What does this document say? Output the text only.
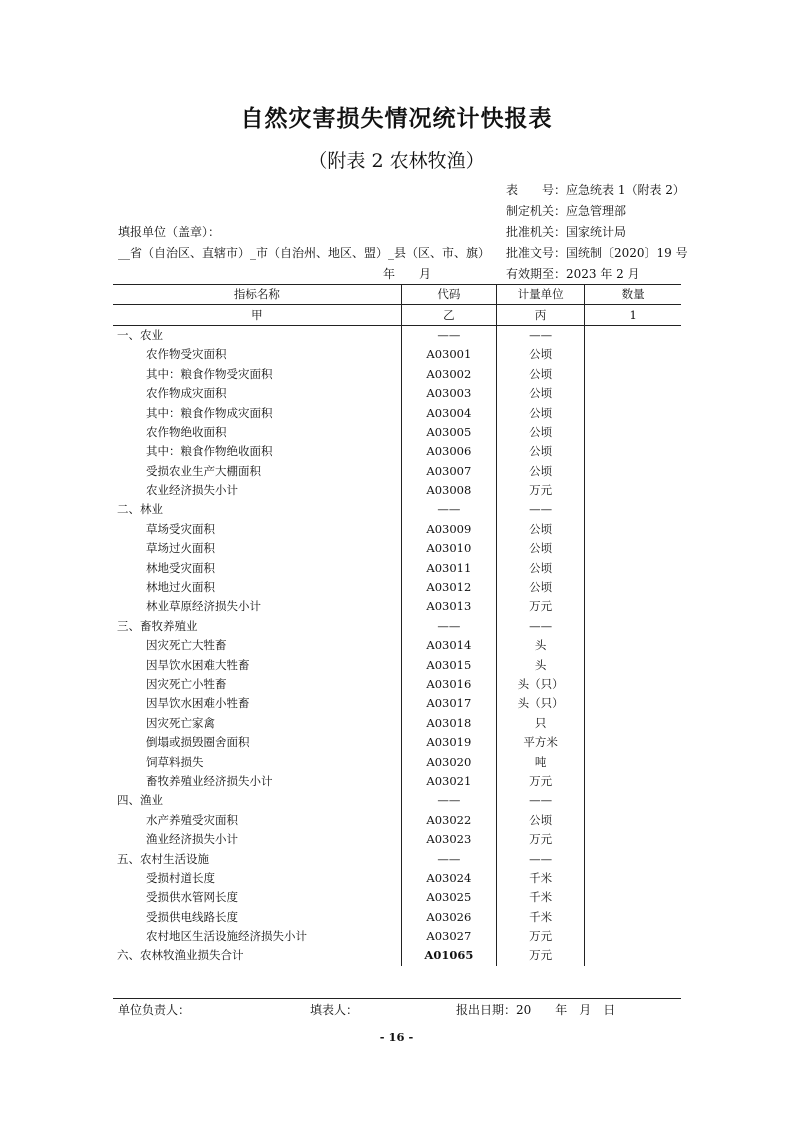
自然灾害损失情况统计快报表
（附表 2 农林牧渔）
表　　号：应急统表 1（附表 2）
制定机关：应急管理部
批准机关：国家统计局
批准文号：国统制〔2020〕19 号
有效期至：2023 年 2 月
填报单位（盖章）：
__省（自治区、直辖市）_市（自治州、地区、盟）_县（区、市、旗）
年　　月
指标名称	代码	计量单位	数量
甲	乙	丙	1
一、农业	——	——	
农作物受灾面积	A03001	公顷	
其中：粮食作物受灾面积	A03002	公顷	
农作物成灾面积	A03003	公顷	
其中：粮食作物成灾面积	A03004	公顷	
农作物绝收面积	A03005	公顷	
其中：粮食作物绝收面积	A03006	公顷	
受损农业生产大棚面积	A03007	公顷	
农业经济损失小计	A03008	万元	
二、林业	——	——	
草场受灾面积	A03009	公顷	
草场过火面积	A03010	公顷	
林地受灾面积	A03011	公顷	
林地过火面积	A03012	公顷	
林业草原经济损失小计	A03013	万元	
三、畜牧养殖业	——	——	
因灾死亡大牲畜	A03014	头	
因旱饮水困难大牲畜	A03015	头	
因灾死亡小牲畜	A03016	头（只）	
因旱饮水困难小牲畜	A03017	头（只）	
因灾死亡家禽	A03018	只	
倒塌或损毁圈舍面积	A03019	平方米	
饲草料损失	A03020	吨	
畜牧养殖业经济损失小计	A03021	万元	
四、渔业	——	——	
水产养殖受灾面积	A03022	公顷	
渔业经济损失小计	A03023	万元	
五、农村生活设施	——	——	
受损村道长度	A03024	千米	
受损供水管网长度	A03025	千米	
受损供电线路长度	A03026	千米	
农村地区生活设施经济损失小计	A03027	万元	
六、农林牧渔业损失合计	A01065	万元	
单位负责人：	填表人：	报出日期：20　　年　月　日
- 16 -
